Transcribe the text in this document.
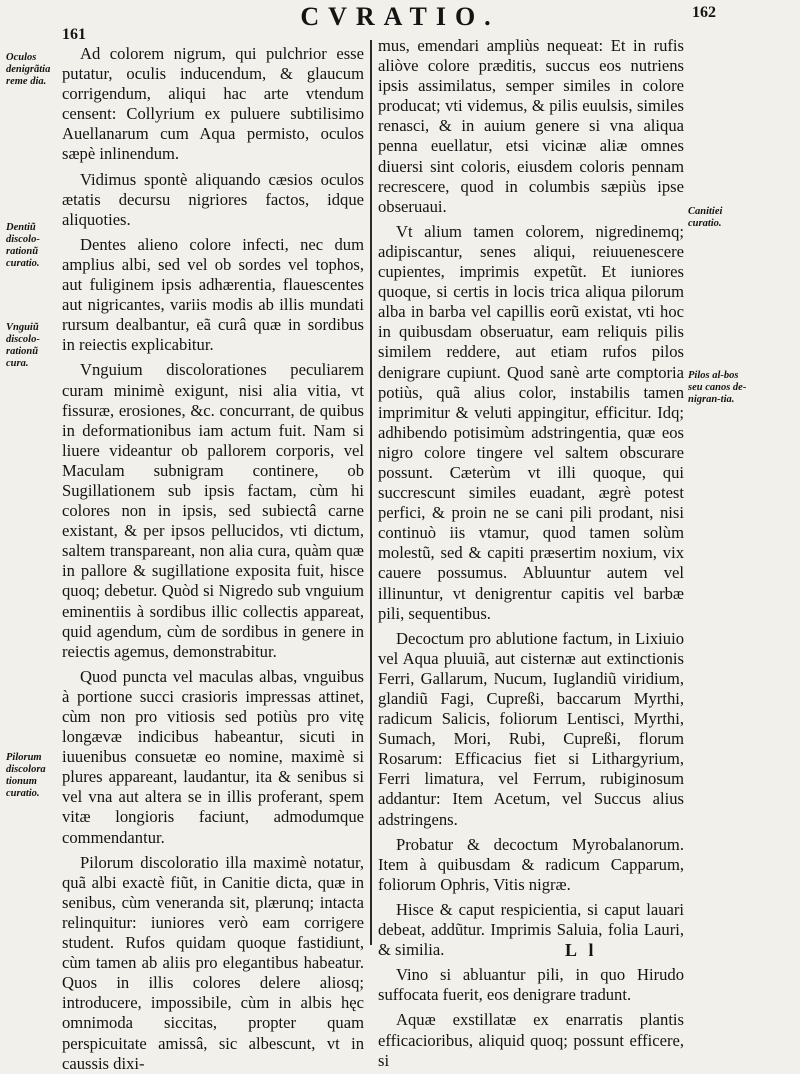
CVRATIO.
161
162
Oculos denigrãtia reme dia.
Dentiũ discolo-rationũ curatio.
Vnguiũ discolo-rationũ cura.
Pilorum discolora tionum curatio.
Canitiei curatio.
Pilos al-bos seu canos de-nigran-tia.

Ad colorem nigrum, qui pulchrior esse putatur, oculis inducendum, & glaucum corrigendum, aliqui hac arte vtendum censent: Collyrium ex puluere subtilisimo Auellanarum cum Aqua permisto, oculos sæpè inlinendum.

Vidimus spontè aliquando cæsios oculos ætatis decursu nigriores factos, idque aliquoties.

Dentes alieno colore infecti, nec dum amplius albi, sed vel ob sordes vel tophos, aut fuliginem ipsis adhærentia, flauescentes aut nigricantes, variis modis ab illis mundati rursum dealbantur, eã curâ quæ in sordibus in reiectis explicabitur.

Vnguium discolorationes peculiarem curam minimè exigunt, nisi alia vitia, vt fissuræ, erosiones, &c. concurrant, de quibus in deformationibus iam actum fuit. Nam si liuere videantur ob pallorem corporis, vel Maculam subnigram continere, ob Sugillationem sub ipsis factam, cùm hi colores non in ipsis, sed subiectâ carne existant, & per ipsos pellucidos, vti dictum, saltem transpareant, non alia cura, quàm quæ in pallore & sugillatione exposita fuit, hisce quoq; debetur. Quòd si Nigredo sub vnguium eminentiis à sordibus illic collectis appareat, quid agendum, cùm de sordibus in genere in reiectis agemus, demonstrabitur.

Quod puncta vel maculas albas, vnguibus à portione succi crasioris impressas attinet, cùm non pro vitiosis sed potiùs pro vitę longævæ indicibus habeantur, sicuti in iuuenibus consuetæ eo nomine, maximè si plures appareant, laudantur, ita & senibus si vel vna aut altera se in illis proferant, spem vitæ longioris faciunt, admodumque commendantur.

Pilorum discoloratio illa maximè notatur, quã albi exactè fiũt, in Canitie dicta, quæ in senibus, cùm veneranda sit, plærunq; intacta relinquitur: iuniores verò eam corrigere student. Rufos quidam quoque fastidiunt, cùm tamen ab aliis pro elegantibus habeatur. Quos in illis colores delere aliosq; introducere, impossibile, cùm in albis hęc omnimoda siccitas, propter quam perspicuitate amissâ, sic albescunt, vt in caussis dixi-

mus, emendari ampliùs nequeat: Et in rufis aliòve colore præditis, succus eos nutriens ipsis assimilatus, semper similes in colore producat; vti videmus, & pilis euulsis, similes renasci, & in auium genere si vna aliqua penna euellatur, etsi vicinæ aliæ omnes diuersi sint coloris, eiusdem coloris pennam recrescere, quod in columbis sæpiùs ipse obseruaui.

Vt alium tamen colorem, nigredinemq; adipiscantur, senes aliqui, reiuuenescere cupientes, imprimis expetũt. Et iuniores quoque, si certis in locis trica aliqua pilorum alba in barba vel capillis eorũ existat, vti hoc in quibusdam obseruatur, eam reliquis pilis similem reddere, aut etiam rufos pilos denigrare cupiunt. Quod sanè arte comptoria potiùs, quã alius color, instabilis tamen imprimitur & veluti appingitur, efficitur. Idq; adhibendo potisimùm adstringentia, quæ eos nigro colore tingere vel saltem obscurare possunt. Cæterùm vt illi quoque, qui succrescunt similes euadant, ægrè potest perfici, & proin ne se cani pili prodant, nisi continuò iis vtamur, quod tamen solùm molestũ, sed & capiti præsertim noxium, vix cauere possumus. Abluuntur autem vel illinuntur, vt denigrentur capitis vel barbæ pili, sequentibus.

Decoctum pro ablutione factum, in Lixiuio vel Aqua pluuiã, aut cisternæ aut extinctionis Ferri, Gallarum, Nucum, Iuglandiũ viridium, glandiũ Fagi, Cupreßi, baccarum Myrthi, radicum Salicis, foliorum Lentisci, Myrthi, Sumach, Mori, Rubi, Cupreßi, florum Rosarum: Efficacius fiet si Lithargyrium, Ferri limatura, vel Ferrum, rubiginosum addantur: Item Acetum, vel Succus alius adstringens.

Probatur & decoctum Myrobalanorum. Item à quibusdam & radicum Capparum, foliorum Ophris, Vitis nigræ.

Hisce & caput respicientia, si caput lauari debeat, addũtur. Imprimis Saluia, folia Lauri, & similia.

Vino si abluantur pili, in quo Hirudo suffocata fuerit, eos denigrare tradunt.

Aquæ exstillatæ ex enarratis plantis efficacioribus, aliquid quoq; possunt efficere, si

L l
